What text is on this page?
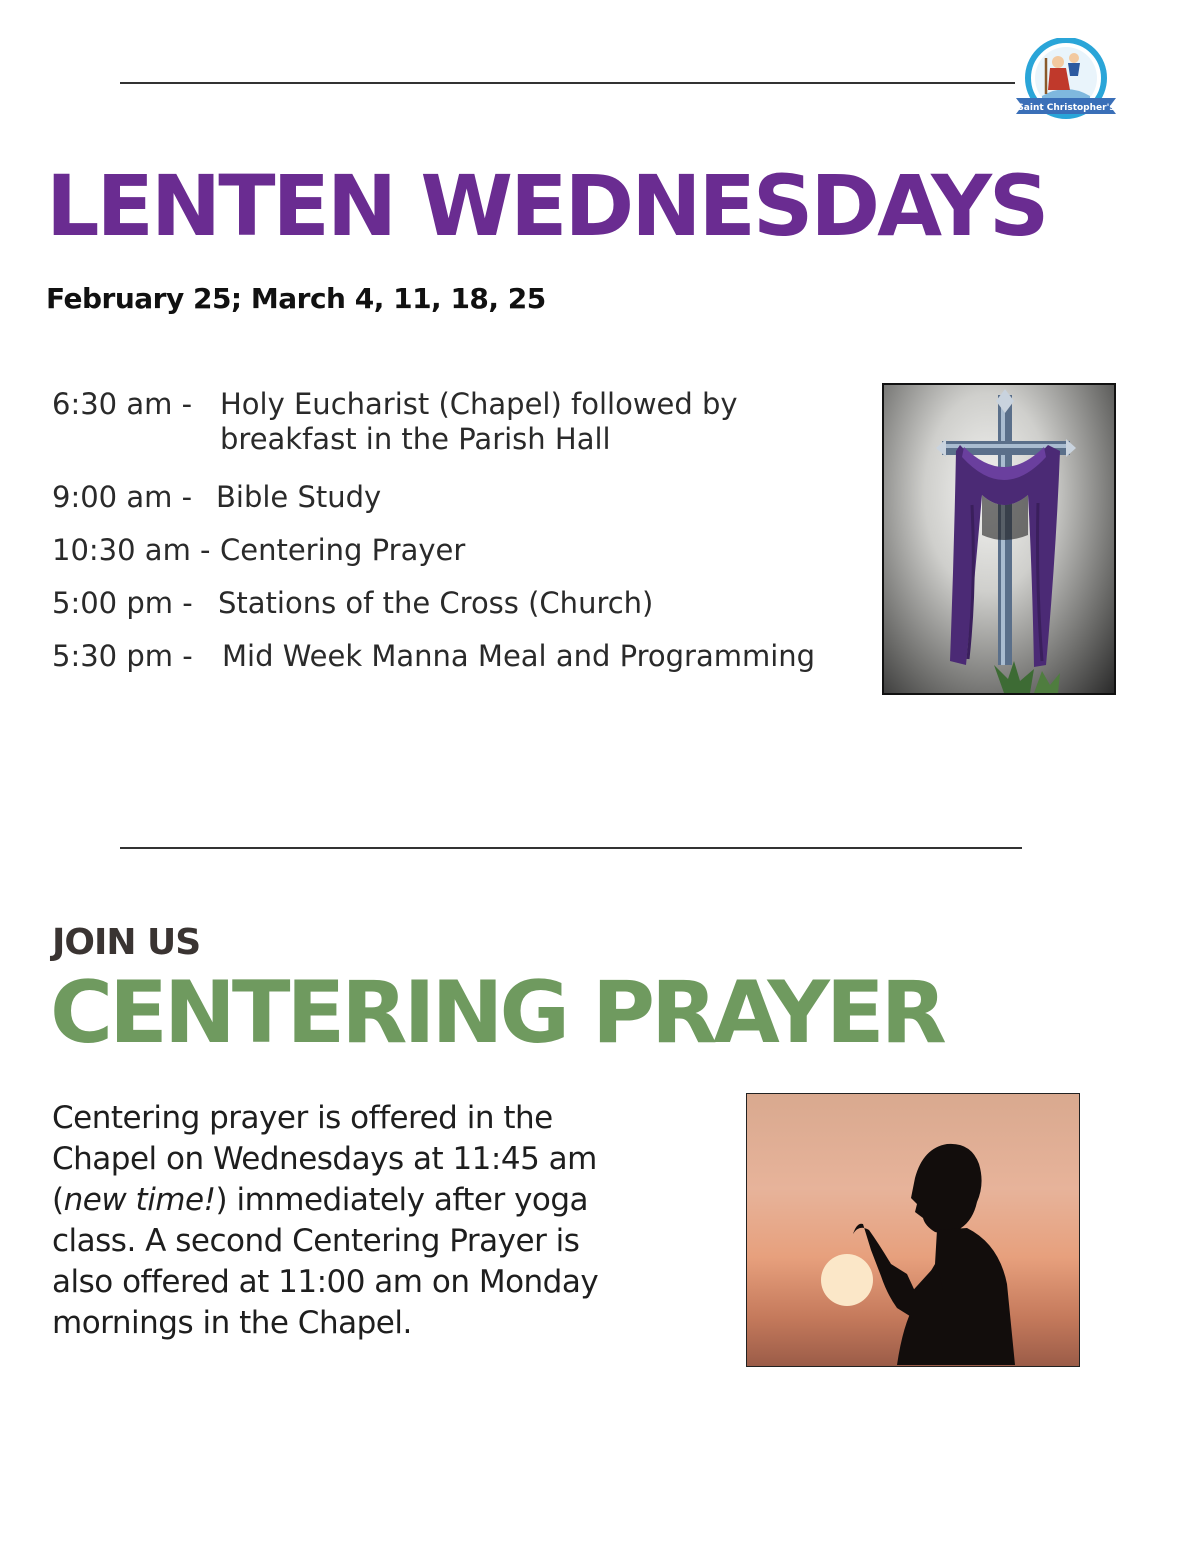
Saint Christopher's
LENTEN WEDNESDAYS

February 25; March 4, 11, 18, 25

6:30 am - Holy Eucharist (Chapel) followed by
breakfast in the Parish Hall
9:00 am - Bible Study
10:30 am - Centering Prayer
5:00 pm - Stations of the Cross (Church)
5:30 pm - Mid Week Manna Meal and Programming
JOIN US
CENTERING PRAYER

Centering prayer is offered in the Chapel on Wednesdays at 11:45 am (new time!) immediately after yoga class. A second Centering Prayer is also offered at 11:00 am on Monday mornings in the Chapel.
